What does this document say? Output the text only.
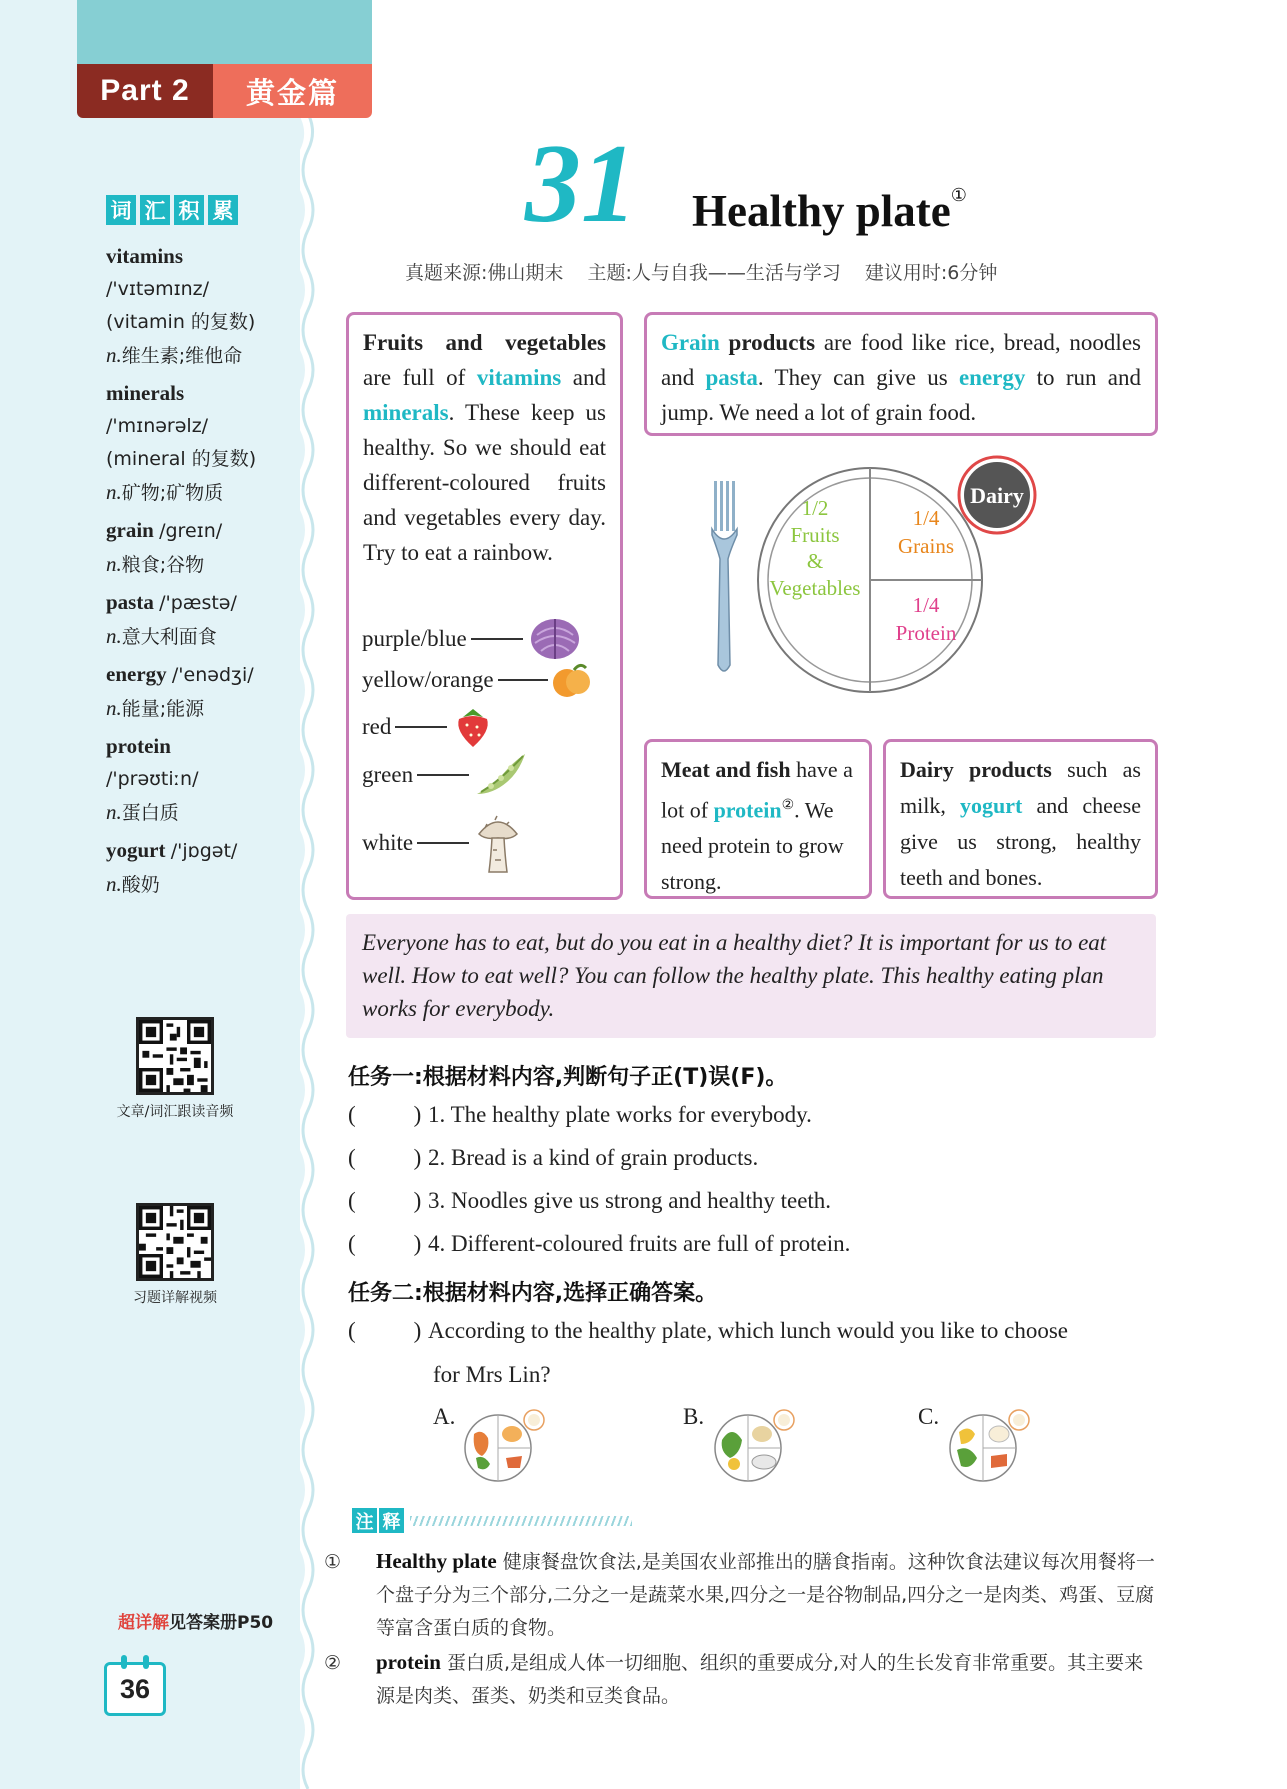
Part 2	黄金篇
词 汇 积 累
vitamins
/'vɪtəmɪnz/
(vitamin 的复数)
n.维生素;维他命
minerals
/'mɪnərəlz/
(mineral 的复数)
n.矿物;矿物质
grain /greɪn/
n.粮食;谷物
pasta /'pæstə/
n.意大利面食
energy /'enədʒi/
n.能量;能源
protein
/'prəʊtiːn/
n.蛋白质
yogurt /'jɒgət/
n.酸奶
文章/词汇跟读音频
习题详解视频
超详解见答案册P50
36
31 Healthy plate①
真题来源:佛山期末 主题:人与自我——生活与学习 建议用时:6分钟
Fruits and vegetables are full of vitamins and minerals. These keep us healthy. So we should eat different-coloured fruits and vegetables every day. Try to eat a rainbow.
purple/blue
yellow/orange
red
green
white
Grain products are food like rice, bread, noodles and pasta. They can give us energy to run and jump. We need a lot of grain food.
1/2
Fruits
&
Vegetables
1/4
Grains
1/4
Protein
Dairy
Meat and fish have a lot of protein②. We need protein to grow strong.
Dairy products such as milk, yogurt and cheese give us strong, healthy teeth and bones.
Everyone has to eat, but do you eat in a healthy diet? It is important for us to eat well. How to eat well? You can follow the healthy plate. This healthy eating plan works for everybody.
任务一:根据材料内容,判断句子正(T)误(F)。
(	) 1. The healthy plate works for everybody.
(	) 2. Bread is a kind of grain products.
(	) 3. Noodles give us strong and healthy teeth.
(	) 4. Different-coloured fruits are full of protein.
任务二:根据材料内容,选择正确答案。
(	) According to the healthy plate, which lunch would you like to choose
for Mrs Lin?
A.	B.	C.
注 释
① Healthy plate 健康餐盘饮食法,是美国农业部推出的膳食指南。这种饮食法建议每次用餐将一个盘子分为三个部分,二分之一是蔬菜水果,四分之一是谷物制品,四分之一是肉类、鸡蛋、豆腐等富含蛋白质的食物。
② protein 蛋白质,是组成人体一切细胞、组织的重要成分,对人的生长发育非常重要。其主要来源是肉类、蛋类、奶类和豆类食品。
